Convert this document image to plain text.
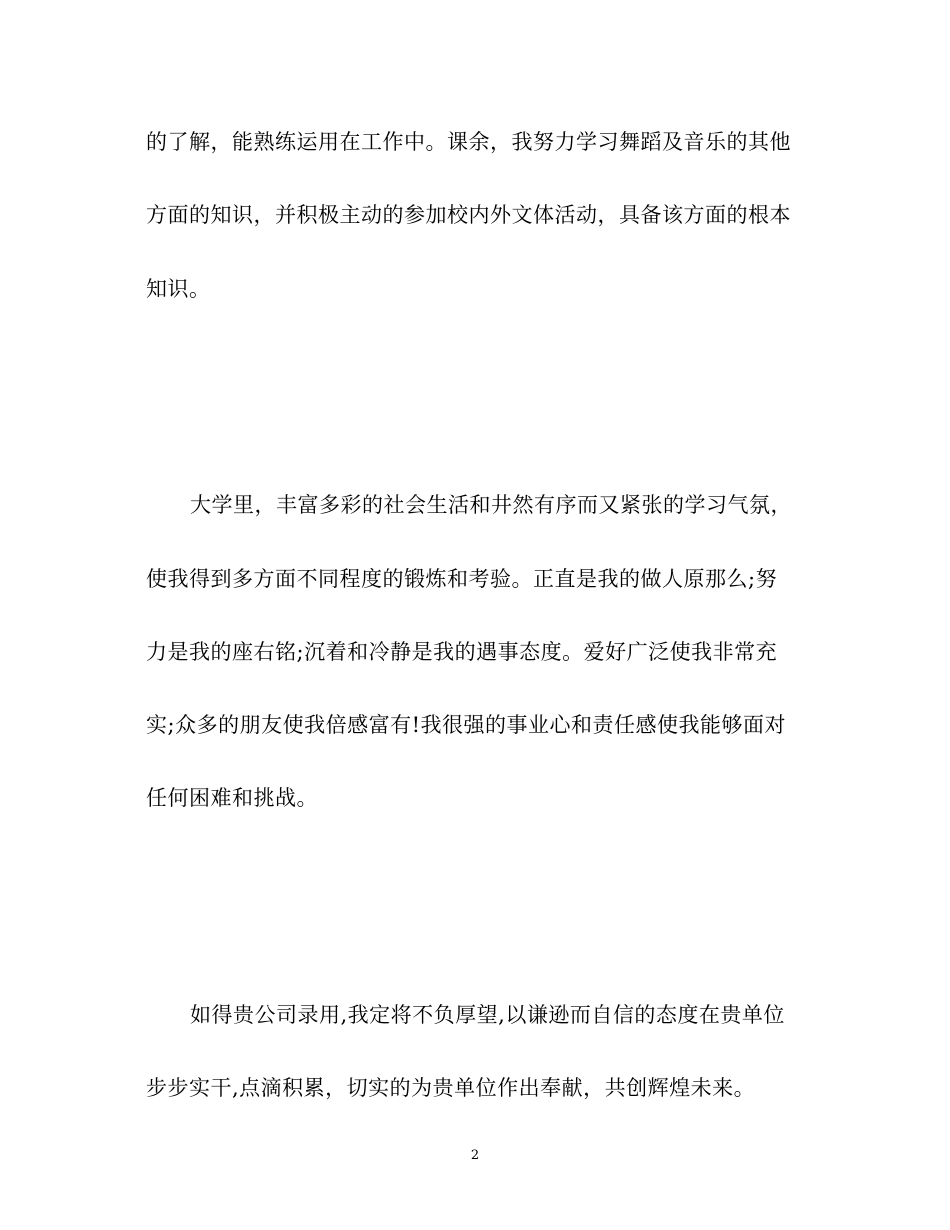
的了解，能熟练运用在工作中。课余，我努力学习舞蹈及音乐的其他
方面的知识，并积极主动的参加校内外文体活动，具备该方面的根本
知识。
大学里，丰富多彩的社会生活和井然有序而又紧张的学习气氛，
使我得到多方面不同程度的锻炼和考验。正直是我的做人原那么;努
力是我的座右铭;沉着和冷静是我的遇事态度。爱好广泛使我非常充
实;众多的朋友使我倍感富有!我很强的事业心和责任感使我能够面对
任何困难和挑战。
如得贵公司录用,我定将不负厚望,以谦逊而自信的态度在贵单位
步步实干,点滴积累，切实的为贵单位作出奉献，共创辉煌未来。
2
